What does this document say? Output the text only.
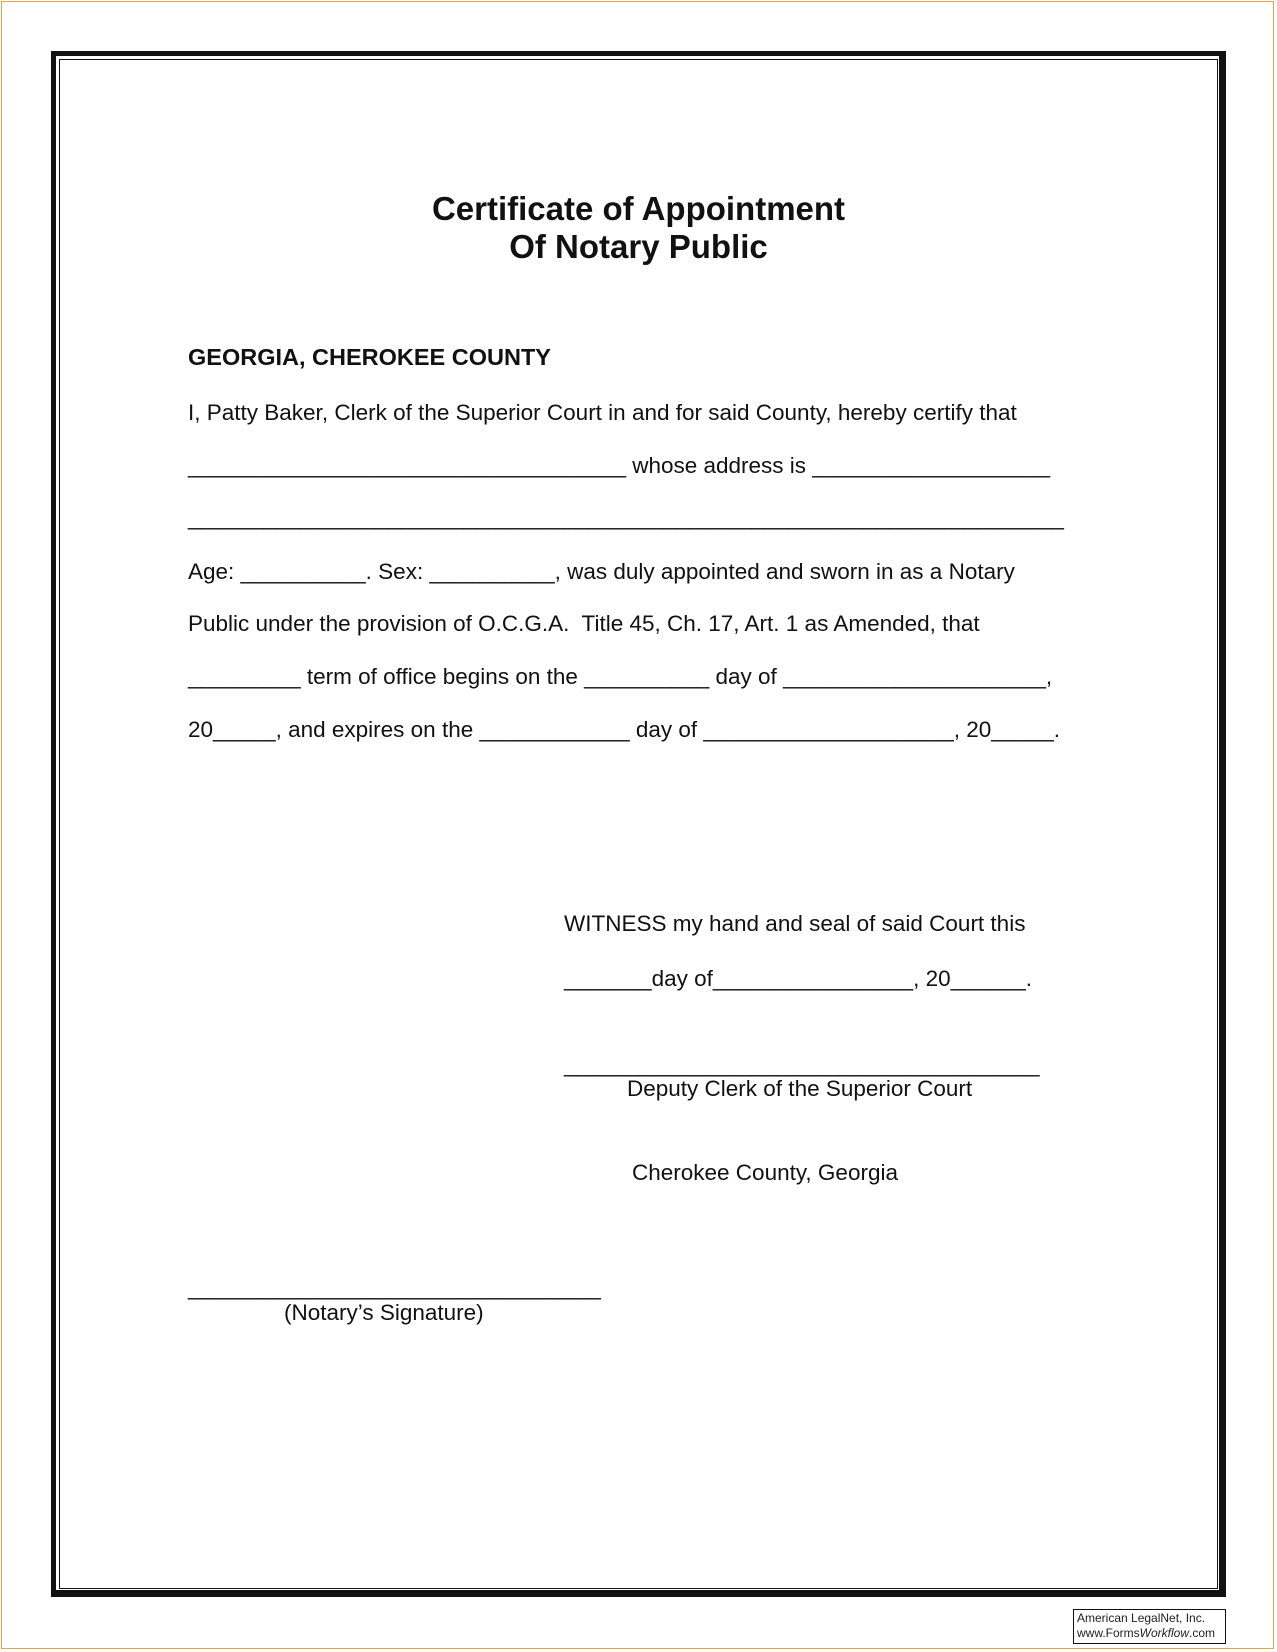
Certificate of Appointment
Of Notary Public

GEORGIA, CHEROKEE COUNTY

I, Patty Baker, Clerk of the Superior Court in and for said County, hereby certify that

___________________________________ whose address is ___________________

______________________________________________________________________

Age: __________. Sex: __________, was duly appointed and sworn in as a Notary

Public under the provision of O.C.G.A.  Title 45, Ch. 17, Art. 1 as Amended, that

_________ term of office begins on the __________ day of _____________________,

20_____, and expires on the ____________ day of ____________________, 20_____.

WITNESS my hand and seal of said Court this
_______day of________________, 20______.
______________________________________
Deputy Clerk of the Superior Court
Cherokee County, Georgia
_________________________________
(Notary’s Signature)
American LegalNet, Inc.
www.FormsWorkflow.com
